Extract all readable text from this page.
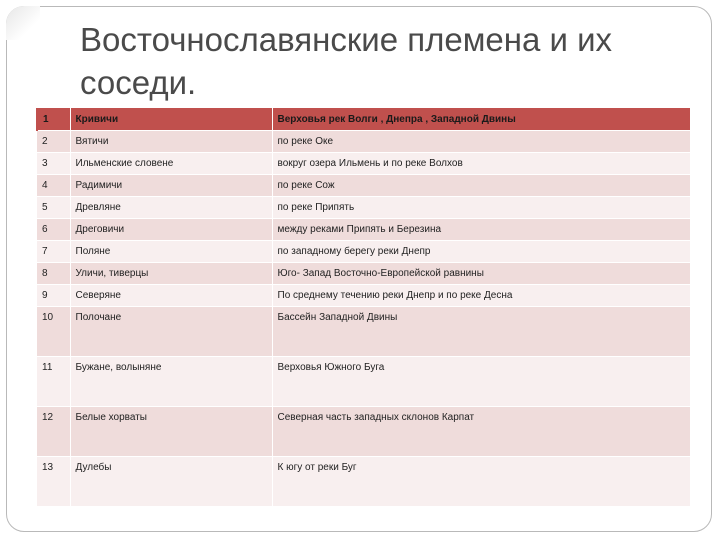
Восточнославянские племена и их соседи.
1	Кривичи	Верховья рек Волги , Днепра , Западной Двины
2	Вятичи	по реке Оке
3	Ильменские словене	вокруг озера Ильмень и по реке Волхов
4	Радимичи	по реке Сож
5	Древляне	по реке Припять
6	Дреговичи	между реками Припять и Березина
7	Поляне	по западному берегу реки Днепр
8	Уличи, тиверцы	Юго- Запад Восточно-Европейской равнины
9	Северяне	По среднему течению реки Днепр и по реке Десна
10	Полочане	Бассейн Западной Двины
11	Бужане, волыняне	Верховья Южного Буга
12	Белые хорваты	Северная часть западных склонов Карпат
13	Дулебы	К югу от реки Буг
